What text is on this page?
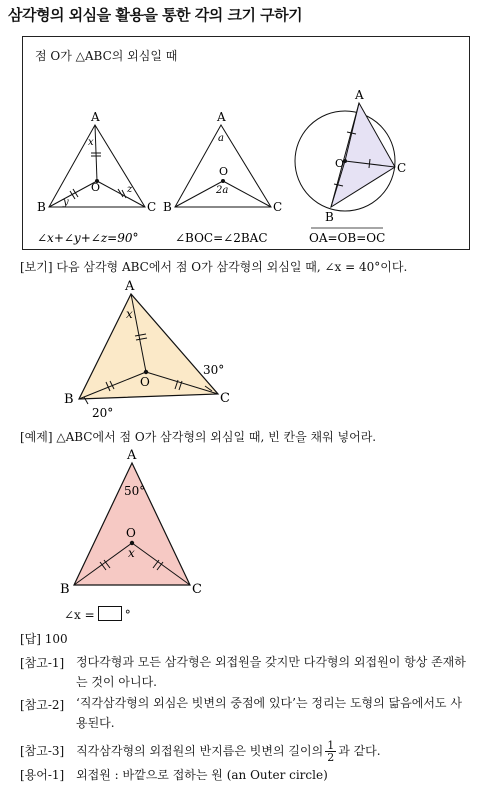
삼각형의 외심을 활용을 통한 각의 크기 구하기
점 O가 △ABC의 외심일 때
A
B	C
O
x
y
z
∠x+∠y+∠z=90°
A
B	C
O
a
2a
∠BOC=∠2BAC
A
B
C
O
OA=OB=OC
[보기] 다음 삼각형 ABC에서 점 O가 삼각형의 외심일 때, ∠x = 40°이다.
A
B	C
O
x
30°
20°
[예제] △ABC에서 점 O가 삼각형의 외심일 때, 빈 칸을 채워 넣어라.
A
B	C
O
x
50°
∠x =	°
[답] 100
[참고-1] 정다각형과 모든 삼각형은 외접원을 갖지만 다각형의 외접원이 항상 존재하는 것이 아니다.
[참고-2] ‘직각삼각형의 외심은 빗변의 중점에 있다’는 정리는 도형의 닮음에서도 사용된다.
[참고-3] 직각삼각형의 외접원의 반지름은 빗변의 길이의 $\frac{1}{2}$ 과 같다.
[용어-1] 외접원 : 바깥으로 접하는 원 (an Outer circle)
